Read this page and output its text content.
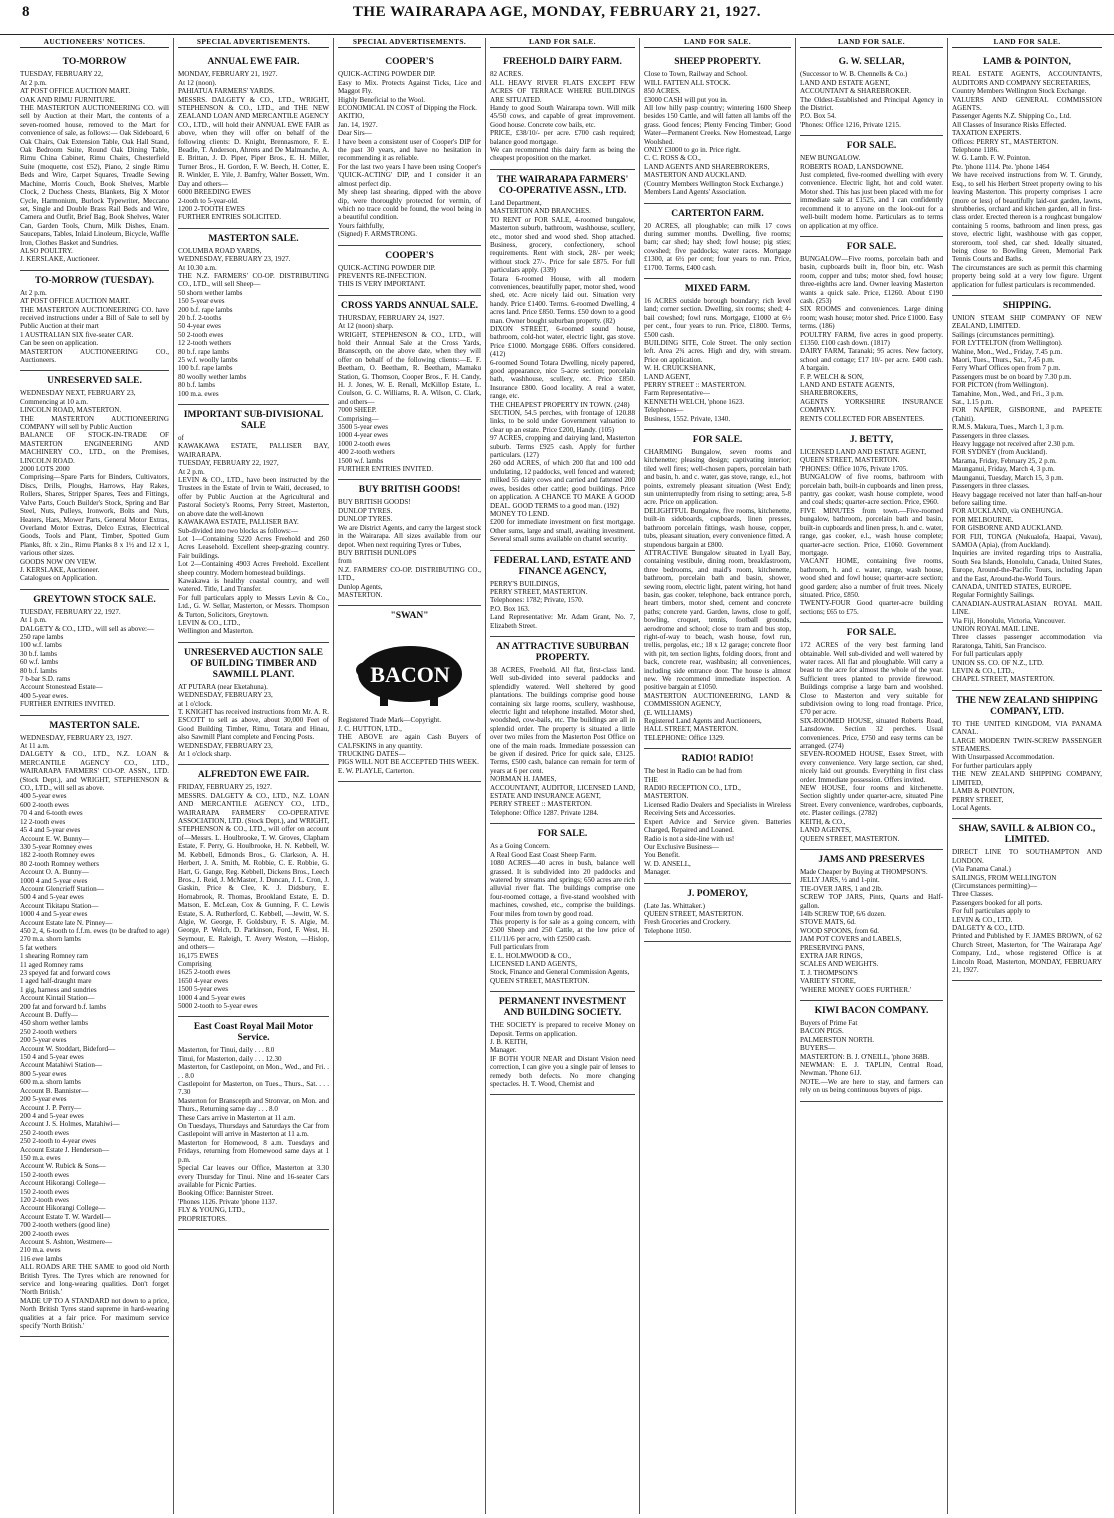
8	THE WAIRARAPA AGE, MONDAY, FEBRUARY 21, 1927.
AUCTIONEERS' NOTICES.
TO-MORROW

TUESDAY, FEBRUARY 22,
At 2 p.m.
AT POST OFFICE AUCTION MART.
OAK AND RIMU FURNITURE.
THE MASTERTON AUCTIONEERING CO. will sell by Auction at their Mart, the contents of a seven-roomed house, removed to the Mart for convenience of sale, as follows:— Oak Sideboard, 6 Oak Chairs, Oak Extension Table, Oak Hall Stand, Oak Bedroom Suite, Round Oak Dining Table, Rimu China Cabinet, Rimu Chairs, Chesterfield Suite (moquette, cost £52), Piano, 2 single Rimu Beds and Wire, Carpet Squares, Treadle Sewing Machine, Morris Couch, Book Shelves, Marble Clock, 2 Duchess Chests, Blankets, Big X Motor Cycle, Harmonium, Burlock Typewriter, Meccano set, Single and Double Brass Rail Beds and Wire, Camera and Outfit, Brief Bag, Book Shelves, Water Can, Garden Tools, Churn, Milk Dishes, Enam. Saucepans, Tables, Inlaid Linoleum, Bicycle, Waffle Iron, Clothes Basket and Sundries.
ALSO POULTRY.
J. KERSLAKE, Auctioneer.

TO-MORROW (TUESDAY).

At 2 p.m.
AT POST OFFICE AUCTION MART.
THE MASTERTON AUCTIONEERING CO. have received instructions under a Bill of Sale to sell by Public Auction at their mart
1 AUSTRALIAN SIX five-seater CAR.
Can be seen on application.
MASTERTON AUCTIONEERING CO., Auctioneers.

UNRESERVED SALE.

WEDNESDAY NEXT, FEBRUARY 23,
Commencing at 10 a.m.
LINCOLN ROAD, MASTERTON.
THE MASTERTON AUCTIONEERING COMPANY will sell by Public Auction
BALANCE OF STOCK-IN-TRADE OF MASTERTON ENGINEERING AND MACHINERY CO., LTD., on the Premises, LINCOLN ROAD.
2000 LOTS 2000
Comprising—Spare Parts for Binders, Cultivators, Discs, Drills, Ploughs, Harrows, Hay Rakes, Rollers, Shares, Stripper Spares, Tees and Fittings, Valve Parts, Couch Builder's Stock, Spring and Bar Steel, Nuts, Pulleys, Ironwork, Bolts and Nuts, Heaters, Hars, Mower Parts, General Motor Extras, Overland Motor Extras, Delco Extras, Electrical Goods, Tools and Plant, Timber, Spotted Gum Planks, 8ft. x 2in., Rimu Planks 8 x 1½ and 12 x 1, various other sizes.
GOODS NOW ON VIEW.
J. KERSLAKE, Auctioneer.
Catalogues on Application.

GREYTOWN STOCK SALE.

TUESDAY, FEBRUARY 22, 1927.
At 1 p.m.
DALGETY & CO., LTD., will sell as above:—
250 rape lambs
100 w.f. lambs
30 b.f. lambs
60 w.f. lambs
80 b.f. lambs
7 b-bar S.D. rams
Account Stonestead Estate—
400 5-year ewes.
FURTHER ENTRIES INVITED.

MASTERTON SALE.

WEDNESDAY, FEBRUARY 23, 1927.
At 11 a.m.
DALGETY & CO., LTD., N.Z. LOAN & MERCANTILE AGENCY CO., LTD., WAIRARAPA FARMERS' CO-OP. ASSN., LTD. (Stock Dept.), and WRIGHT, STEPHENSON & CO., LTD., will sell as above.
400 5-year ewes
600 2-tooth ewes
70 4 and 6-tooth ewes
12 2-tooth ewes
45 4 and 5-year ewes
Account E. W. Bunny—
330 5-year Romney ewes
182 2-tooth Romney ewes
80 2-tooth Romney wethers
Account O. A. Bunny—
1000 4 and 5-year ewes
Account Glencrieff Station—
500 4 and 5-year ewes
Account Tikitapu Station—
1000 4 and 5-year ewes
Account Estate late N. Pinney—
450 2, 4, 6-tooth to f.f.m. ewes (to be drafted to age)
270 m.a. shorn lambs
5 fat wethers
1 shearing Romney ram
11 aged Romney rams
23 speyed fat and forward cows
1 aged half-draught mare
1 gig, harness and sundries
Account Kintail Station—
200 fat and forward b.f. lambs
Account B. Duffy—
450 shorn wether lambs
250 2-tooth wethers
200 5-year ewes
Account W. Stoddart, Bideford—
150 4 and 5-year ewes
Account Matahiwi Station—
800 5-year ewes
600 m.a. shorn lambs
Account B. Bannister—
200 5-year ewes
Account J. P. Perry—
200 4 and 5-year ewes
Account J. S. Holmes, Matahiwi—
250 2-tooth ewes
250 2-tooth to 4-year ewes
Account Estate J. Henderson—
150 m.a. ewes
Account W. Rubick & Sons—
150 2-tooth ewes
Account Hikorangi College—
150 2-tooth ewes
120 2-tooth ewes
Account Hikorangi College—
Account Estate T. W. Wardell—
700 2-tooth wethers (good line)
200 2-tooth ewes
Account S. Ashton, Westmere—
210 m.a. ewes
116 ewe lambs
ALL ROADS ARE THE SAME to good old North British Tyres. The Tyres which are renowned for service and long-wearing qualities. Don't forget 'North British.'
MADE UP TO A STANDARD not down to a price, North British Tyres stand supreme in hard-wearing qualities at a fair price. For maximum service specify 'North British.'

SPECIAL ADVERTISEMENTS.
ANNUAL EWE FAIR.

MONDAY, FEBRUARY 21, 1927.
At 12 (noon).
PAHIATUA FARMERS' YARDS.
MESSRS. DALGETY & CO., LTD., WRIGHT, STEPHENSON & CO., LTD., and THE NEW ZEALAND LOAN AND MERCANTILE AGENCY CO., LTD., will hold their ANNUAL EWE FAIR as above, when they will offer on behalf of the following clients: D. Knight, Brennasmore, F. E. Beadle, T. Anderson, Ahrens and De Malmanche, A. E. Brittan, J. D. Piper, Piper Bros., E. H. Miller, Turner Bros., H. Gordon, F. W. Beech, H. Cotter, E. R. Winkler, E. Yile, J. Bamfry, Walter Bossett, Wm. Day and others—
6000 BREEDING EWES
2-tooth to 5-year-old.
1200 2-TOOTH EWES
FURTHER ENTRIES SOLICITED.

MASTERTON SALE.

COLUMBA ROAD YARDS,
WEDNESDAY, FEBRUARY 23, 1927.
At 10.30 a.m.
THE N.Z. FARMERS' CO-OP. DISTRIBUTING CO., LTD., will sell Sheep—
50 shorn wether lambs
150 5-year ewes
200 b.f. rape lambs
20 b.f. 2-tooths
50 4-year ewes
50 2-tooth ewes
12 2-tooth wethers
80 b.f. rape lambs
25 w.f. woolly lambs
100 b.f. rape lambs
80 woolly wether lambs
80 b.f. lambs
100 m.a. ewes

IMPORTANT SUB-DIVISIONAL SALE

of
KAWAKAWA ESTATE, PALLISER BAY, WAIRARAPA.
TUESDAY, FEBRUARY 22, 1927,
At 2 p.m.
LEVIN & CO., LTD., have been instructed by the Trustees in the Estate of Irvin te Waiti, deceased, to offer by Public Auction at the Agricultural and Pastoral Society's Rooms, Perry Street, Masterton, on above date the well-known
KAWAKAWA ESTATE, PALLISER BAY.
Sub-divided into two blocks as follows:—
Lot 1—Containing 5220 Acres Freehold and 260 Acres Leasehold. Excellent sheep-grazing country. Fair buildings.
Lot 2—Containing 4903 Acres Freehold. Excellent sheep country. Modern homestead buildings.
Kawakawa is healthy coastal country, and well watered. Title, Land Transfer.
For full particulars apply to Messrs Levin & Co., Ltd., G. W. Sellar, Masterton, or Messrs. Thompson & Turton, Solicitors, Greytown.
LEVIN & CO., LTD.,
Wellington and Masterton.

UNRESERVED AUCTION SALE OF BUILDING TIMBER AND SAWMILL PLANT.

AT PUTARA (near Eketahuna).
WEDNESDAY, FEBRUARY 23,
at 1 o'clock.
T. KNIGHT has received instructions from Mr. A. R. ESCOTT to sell as above, about 30,000 Feet of Good Building Timber, Rimu, Totara and Hinau, also Sawmill Plant complete and Fencing Posts.
WEDNESDAY, FEBRUARY 23,
At 1 o'clock sharp.

ALFREDTON EWE FAIR.

FRIDAY, FEBRUARY 25, 1927.
MESSRS. DALGETY & CO., LTD., N.Z. LOAN AND MERCANTILE AGENCY CO., LTD., WAIRARAPA FARMERS' CO-OPERATIVE ASSOCIATION, LTD. (Stock Dept.), and WRIGHT, STEPHENSON & CO., LTD., will offer on account of—Messrs. L. Houlbrooke, T. W. Groves, Clapham Estate, F. Perry, G. Houlbrooke, H. N. Kebbell, W. M. Kebbell, Edmonds Bros., G. Clarkson, A. H. Herbert, J. A. Smith, M. Robbie, C. E. Robbie, G. Hart, G. Gange, Reg. Kebbell, Dickens Bros., Leech Bros., J. Reid, J. McMaster, J. Duncan, J. L. Cron, J. Gaskin, Price & Clee, K. J. Didsbury, E. Hornabrook, R. Thomas, Brookland Estate, E. D. Matson, E. McLean, Cox & Gunning, F. C. Lewis Estate, S. A. Rutherford, C. Kebbell, —Jewitt, W. S. Algie, W. George, F. Goldsbury, F. S. Algie, M. George, P. Welch, D. Parkinson, Ford, F. West, H. Seymour, E. Raleigh, T. Avery Weston, —Hislop, and others—
16,175 EWES
Comprising
1625 2-tooth ewes
1650 4-year ewes
1500 5-year ewes
1000 4 and 5-year ewes
5000 2-tooth to 5-year ewes

East Coast Royal Mail Motor Service.

Masterton, for Tinui, daily . . . 8.0
Tinui, for Masterton, daily . . . 12.30
Masterton, for Castlepoint, on Mon., Wed., and Fri. . . . 8.0
Castlepoint for Masterton, on Tues., Thurs., Sat. . . . 7.30
Masterton for Branscepth and Stronvar, on Mon. and Thurs., Returning same day . . . 8.0
These Cars arrive in Masterton at 11 a.m.
On Tuesdays, Thursdays and Saturdays the Car from Castlepoint will arrive in Masterton at 11 a.m.
Masterton for Homewood, 8 a.m. Tuesdays and Fridays, returning from Homewood same days at 1 p.m.
Special Car leaves our Office, Masterton at 3.30 every Thursday for Tinui. Nine and 16-seater Cars available for Picnic Parties.
Booking Office: Bannister Street.
'Phones 1126. Private 'phone 1137.
FLY & YOUNG, LTD.,
PROPRIETORS.

SPECIAL ADVERTISEMENTS.
COOPER'S

QUICK-ACTING POWDER DIP.
Easy to Mix. Protects Against Ticks, Lice and Maggot Fly.
Highly Beneficial to the Wool.
ECONOMICAL IN COST of Dipping the Flock.
AKITIO,
Jan. 14, 1927.
Dear Sirs—
I have been a consistent user of Cooper's DIP for the past 30 years, and have no hesitation in recommending it as reliable.
For the last two years I have been using Cooper's 'QUICK-ACTING' DIP, and I consider it an almost perfect dip.
My sheep last shearing, dipped with the above dip, were thoroughly protected for vermin, of which no trace could be found, the wool being in a beautiful condition.
Yours faithfully,
(Signed) F. ARMSTRONG.

COOPER'S

QUICK-ACTING POWDER DIP.
PREVENTS RE-INFECTION.
THIS IS VERY IMPORTANT.

CROSS YARDS ANNUAL SALE.

THURSDAY, FEBRUARY 24, 1927.
At 12 (noon) sharp.
WRIGHT, STEPHENSON & CO., LTD., will hold their Annual Sale at the Cross Yards, Branscepth, on the above date, when they will offer on behalf of the following clients:—E. F. Beetham, O. Beetham, R. Beetham, Mamaku Station, G. Thomson, Cooper Bros., F. H. Candy, H. J. Jones, W. E. Renall, McKillop Estate, L. Coulson, G. C. Williams, R. A. Wilson, C. Clark, and others—
7000 SHEEP.
Comprising—
3500 5-year ewes
1000 4-year ewes
1000 2-tooth ewes
400 2-tooth wethers
1500 w.f. lambs
FURTHER ENTRIES INVITED.

BUY BRITISH GOODS!

BUY BRITISH GOODS!
DUNLOP TYRES.
DUNLOP TYRES.
We are District Agents, and carry the largest stock in the Wairarapa. All sizes available from our depot. When next requiring Tyres or Tubes,
BUY BRITISH DUNLOPS
from
N.Z. FARMERS' CO-OP. DISTRIBUTING CO., LTD.,
Dunlop Agents,
MASTERTON.

"SWAN"
BACON

Registered Trade Mark—Copyright.
J. C. HUTTON, LTD.,
THE ABOVE are again Cash Buyers of CALFSKINS in any quantity.
TRUCKING DATES—
PIGS WILL NOT BE ACCEPTED THIS WEEK.
E. W. PLAYLE, Carterton.

LAND FOR SALE.
FREEHOLD DAIRY FARM.

82 ACRES.
ALL HEAVY RIVER FLATS EXCEPT FEW ACRES OF TERRACE WHERE BUILDINGS ARE SITUATED.
Handy to good South Wairarapa town. Will milk 45/50 cows, and capable of great improvement. Good house. Concrete cow bails, etc.
PRICE, £38/10/- per acre. £700 cash required; balance good mortgage.
We can recommend this dairy farm as being the cheapest proposition on the market.

THE WAIRARAPA FARMERS' CO-OPERATIVE ASSN., LTD.

Land Department,
MASTERTON AND BRANCHES.
TO RENT or FOR SALE, 4-roomed bungalow, Masterton suburb, bathroom, washhouse, scullery, etc., motor shed and wood shed. Shop attached. Business, grocery, confectionery, school requirements. Rent with stock, 28/- per week; without stock 27/-. Price for sale £875. For full particulars apply. (339)
Totara 6-roomed House, with all modern conveniences, beautifully paper, motor shed, wood shed, etc. Acre nicely laid out. Situation very handy. Price £1400. Terms. 6-roomed Dwelling, 4 acres land. Price £850. Terms. £50 down to a good man. Owner bought suburban property. (82)
DIXON STREET, 6-roomed sound house, bathroom, cold-hot water, electric light, gas stove. Price £1000. Mortgage £686. Offers considered. (412)
6-roomed Sound Totara Dwelling, nicely papered, good appearance, nice 5-acre section; porcelain bath, washhouse, scullery, etc. Price £850. Insurance £800. Good locality. A real a water, range, etc.
THE CHEAPEST PROPERTY IN TOWN. (248)
SECTION, 54.5 perches, with frontage of 120.88 links, to be sold under Government valuation to clear up an estate. Price £200, Handy. (105)
97 ACRES, cropping and dairying land, Masterton suburb. Terms £925 cash. Apply for further particulars. (127)
260 odd ACRES, of which 200 flat and 100 odd undulating, 12 paddocks, well fenced and watered; milked 55 dairy cows and carried and fattened 200 ewes, besides other cattle; good buildings. Price on application. A CHANCE TO MAKE A GOOD DEAL. GOOD TERMS to a good man. (192)
MONEY TO LEND.
£200 for immediate investment on first mortgage. Other sums, large and small, awaiting investment. Several small sums available on chattel security.

FEDERAL LAND, ESTATE AND FINANCE AGENCY,

PERRY'S BUILDINGS,
PERRY STREET, MASTERTON.
Telephones: 1782; Private, 1570.
P.O. Box 163.
Land Representative: Mr. Adam Grant, No. 7, Elizabeth Street.

AN ATTRACTIVE SUBURBAN PROPERTY.

38 ACRES, Freehold. All flat, first-class land. Well sub-divided into several paddocks and splendidly watered. Well sheltered by good plantations. The buildings comprise good house containing six large rooms, scullery, washhouse, electric light and telephone installed. Motor shed, woodshed, cow-bails, etc. The buildings are all in splendid order. The property is situated a little over two miles from the Masterton Post Office on one of the main roads. Immediate possession can be given if desired. Price for quick sale, £3125. Terms, £500 cash, balance can remain for term of years at 6 per cent.
NORMAN H. JAMES,
ACCOUNTANT, AUDITOR, LICENSED LAND, ESTATE AND INSURANCE AGENT,
PERRY STREET :: MASTERTON.
Telephone: Office 1287. Private 1284.

FOR SALE.

As a Going Concern.
A Real Good East Coast Sheep Farm.
1080 ACRES—40 acres in bush, balance well grassed. It is subdivided into 20 paddocks and watered by streams and springs; 650 acres are rich alluvial river flat. The buildings comprise one four-roomed cottage, a five-stand woolshed with machines, cowshed, etc., comprise the buildings. Four miles from town by good road.
This property is for sale as a going concern, with 2500 Sheep and 250 Cattle, at the low price of £11/11/6 per acre, with £2500 cash.
Full particulars from
E. L. HOLMWOOD & CO.,
LICENSED LAND AGENTS,
Stock, Finance and General Commission Agents,
QUEEN STREET, MASTERTON.

PERMANENT INVESTMENT AND BUILDING SOCIETY.

THE SOCIETY is prepared to receive Money on Deposit. Terms on application.
J. B. KEITH,
Manager.
IF BOTH YOUR NEAR and Distant Vision need correction, I can give you a single pair of lenses to remedy both defects. No more changing spectacles. H. T. Wood, Chemist and

LAND FOR SALE.
SHEEP PROPERTY.

Close to Town, Railway and School.
WILL FATTEN ALL STOCK.
850 ACRES.
£3000 CASH will put you in.
All low hilly pasp country; wintering 1600 Sheep besides 150 Cattle, and will fatten all lambs off the grass. Good fences; Plenty Fencing Timber; Good Water—Permanent Creeks. New Homestead, Large Woolshed.
ONLY £3000 to go in. Price right.
C. C. ROSS & CO.,
LAND AGENTS AND SHAREBROKERS,
MASTERTON AND AUCKLAND.
(Country Members Wellington Stock Exchange.)
Members Land Agents' Association.

CARTERTON FARM.

20 ACRES, all ploughable; can milk 17 cows during summer months. Dwelling, five rooms; barn; car shed; hay shed; fowl house; pig sties; cowshed; five paddocks; water races. Mortgage £1300, at 6½ per cent; four years to run. Price, £1700. Terms, £400 cash.

MIXED FARM.

16 ACRES outside borough boundary; rich level land; corner section. Dwelling, six rooms; shed; 4-bail cowshed; fowl runs. Mortgage, £1000 at 6½ per cent., four years to run. Price, £1800. Terms, £500 cash.
BUILDING SITE, Cole Street. The only section left. Area 2¾ acres. High and dry, with stream. Price on application.
W. H. CRUICKSHANK,
LAND AGENT,
PERRY STREET :: MASTERTON.
Farm Representative—
KENNETH WELCH, 'phone 1623.
Telephones—
Business, 1552. Private, 1340.

FOR SALE.

CHARMING Bungalow, seven rooms and kitchenette; pleasing design; captivating interior; tiled well fires; well-chosen papers, porcelain bath and basin, h. and c. water, gas stove, range, e.l., hot points, extremely pleasant situation (West End); sun uninterruptedly from rising to setting; area, 5-8 acre. Price on application.
DELIGHTFUL Bungalow, five rooms, kitchenette, built-in sideboards, cupboards, linen presses, bathroom porcelain fittings, wash house, copper, tubs, pleasant situation, every convenience fitted. A stupendous bargain at £800.
ATTRACTIVE Bungalow situated in Lyall Bay, containing vestibule, dining room, breakfastroom, three bedrooms, and maid's room, kitchenette, bathroom, porcelain bath and basin, shower, sewing room, electric light, patent wiring, hot hand basin, gas cooker, telephone, back entrance porch, heart timbers, motor shed, cement and concrete paths; concrete yard. Garden, lawns, close to golf, bowling, croquet, tennis, football grounds, aerodrome and school; close to tram and bus stop, right-of-way to beach, wash house, fowl run, trellis, pergolas, etc.; 18 x 12 garage; concrete floor with pit, ten section lights, folding doors, front and back, concrete rear, washbasin; all conveniences, including side entrance door. The house is almost new. We recommend immediate inspection. A positive bargain at £1050.
MASTERTON AUCTIONEERING, LAND & COMMISSION AGENCY,
(E. WILLIAMS)
Registered Land Agents and Auctioneers,
HALL STREET, MASTERTON.
TELEPHONE: Office 1329.

RADIO! RADIO!

The best in Radio can be had from
THE
RADIO RECEPTION CO., LTD.,
MASTERTON.
Licensed Radio Dealers and Specialists in Wireless Receiving Sets and Accessories.
Expert Advice and Service given. Batteries Charged, Repaired and Loaned.
Radio is not a side-line with us!
Our Exclusive Business—
You Benefit.
W. D. ANSELL,
Manager.

J. POMEROY,

(Late Jas. Whittaker.)
QUEEN STREET, MASTERTON.
Fresh Groceries and Crockery.
Telephone 1050.

LAND FOR SALE.
G. W. SELLAR,

(Successor to W. B. Chennells & Co.)
LAND AND ESTATE AGENT,
ACCOUNTANT & SHAREBROKER.
The Oldest-Established and Principal Agency in the District.
P.O. Box 54.
'Phones: Office 1216, Private 1215.

FOR SALE.

NEW BUNGALOW.
ROBERTS ROAD, LANSDOWNE.
Just completed, five-roomed dwelling with every convenience. Electric light, hot and cold water. Motor shed. This has just been placed with me for immediate sale at £1525, and I can confidently recommend it to anyone on the look-out for a well-built modern home. Particulars as to terms on application at my office.

FOR SALE.

BUNGALOW—Five rooms, porcelain bath and basin, cupboards built in, floor bin, etc. Wash room, copper and tubs; motor shed, fowl house; three-eighths acre land. Owner leaving Masterton wants a quick sale. Price, £1260. About £190 cash. (253)
SIX ROOMS and conveniences. Large dining room; wash house; motor shed. Price £1000. Easy terms. (186)
POULTRY FARM, five acres in good property. £1350. £100 cash down. (1817)
DAIRY FARM, Taranaki; 95 acres. New factory, school and cottage; £17 10/- per acre. £400 cash. A bargain.
F. P. WELCH & SON,
LAND AND ESTATE AGENTS,
SHAREBROKERS,
AGENTS YORKSHIRE INSURANCE COMPANY.
RENTS COLLECTED FOR ABSENTEES.

J. BETTY,

LICENSED LAND AND ESTATE AGENT,
QUEEN STREET, MASTERTON.
'PHONES: Office 1076, Private 1705.
BUNGALOW of five rooms, bathroom with porcelain bath, built-in cupboards and linen press, pantry, gas cooker, wash house complete, wood and coal sheds; quarter-acre section. Price, £960.
FIVE MINUTES from town.—Five-roomed bungalow, bathroom, porcelain bath and basin, built-in cupboards and linen press, h. and c. water, range, gas cooker, e.l., wash house complete; quarter-acre section. Price, £1060. Government mortgage.
VACANT HOME, containing five rooms, bathroom, h. and c. water, range, wash house, wood shed and fowl house; quarter-acre section; good garden; also a number of fruit trees. Nicely situated. Price, £850.
TWENTY-FOUR Good quarter-acre building sections; £65 to £75.

FOR SALE.

172 ACRES of the very best farming land obtainable. Well sub-divided and well watered by water races. All flat and ploughable. Will carry a beast to the acre for almost the whole of the year. Sufficient trees planted to provide firewood. Buildings comprise a large barn and woolshed. Close to Masterton and very suitable for subdivision owing to long road frontage. Price, £70 per acre.
SIX-ROOMED HOUSE, situated Roberts Road, Lansdowne. Section 32 perches. Usual conveniences. Price, £750 and easy terms can be arranged. (274)
SEVEN-ROOMED HOUSE, Essex Street, with every convenience. Very large section, car shed, nicely laid out grounds. Everything in first class order. Immediate possession. Offers invited.
NEW HOUSE, four rooms and kitchenette. Section slightly under quarter-acre, situated Pine Street. Every convenience, wardrobes, cupboards, etc. Plaster ceilings. (2782)
KEITH, & CO.,
LAND AGENTS,
QUEEN STREET, MASTERTON.

JAMS AND PRESERVES

Made Cheaper by Buying at THOMPSON'S.
JELLY JARS, ½ and 1-pint.
TIE-OVER JARS, 1 and 2lb.
SCREW TOP JARS, Pints, Quarts and Half-gallon.
14lb SCREW TOP, 6/6 dozen.
STOVE MATS, 6d.
WOOD SPOONS, from 6d.
JAM POT COVERS and LABELS,
PRESERVING PANS,
EXTRA JAR RINGS,
SCALES AND WEIGHTS.
T. J. THOMPSON'S
VARIETY STORE,
'WHERE MONEY GOES FURTHER.'

KIWI BACON COMPANY.

Buyers of Prime Fat
BACON PIGS.
PALMERSTON NORTH.
BUYERS—
MASTERTON: B. J. O'NEILL, 'phone 368B.
NEWMAN: E. J. TAPLIN, Central Road, Newman. 'Phone 61J.
NOTE.—We are here to stay, and farmers can rely on us being continuous buyers of pigs.

LAND FOR SALE.
LAMB & POINTON,

REAL ESTATE AGENTS, ACCOUNTANTS, AUDITORS AND COMPANY SECRETARIES,
Country Members Wellington Stock Exchange.
VALUERS AND GENERAL COMMISSION AGENTS.
Passenger Agents N.Z. Shipping Co., Ltd.
All Classes of Insurance Risks Effected.
TAXATION EXPERTS.
Offices: PERRY ST., MASTERTON.
Telephone 1186.
W. G. Lamb. F. W. Pointon.
Pte. 'phone 1114. Pte. 'phone 1464
We have received instructions from W. T. Grundy, Esq., to sell his Herbert Street property owing to his leaving Masterton. This property comprises 1 acre (more or less) of beautifully laid-out garden, lawns, shrubberies, orchard and kitchen garden, all in first-class order. Erected thereon is a roughcast bungalow containing 5 rooms, bathroom and linen press, gas stove, electric light, washhouse with gas copper, storeroom, tool shed, car shed. Ideally situated, being close to Bowling Green, Memorial Park Tennis Courts and Baths.
The circumstances are such as permit this charming property being sold at a very low figure. Urgent application for fullest particulars is recommended.

SHIPPING.

UNION STEAM SHIP COMPANY OF NEW ZEALAND, LIMITED.
Sailings (circumstances permitting).
FOR LYTTELTON (from Wellington).
Wahine, Mon., Wed., Friday, 7.45 p.m.
Maori, Tues., Thurs., Sat., 7.45 p.m.
Ferry Wharf Offices open from 7 p.m.
Passengers must be on board by 7.30 p.m.
FOR PICTON (from Wellington).
Tamahine, Mon., Wed., and Fri., 3 p.m.
Sat., 1.15 p.m.
FOR NAPIER, GISBORNE, and PAPEETE (Tahiti).
R.M.S. Makura, Tues., March 1, 3 p.m.
Passengers in three classes.
Heavy luggage not received after 2.30 p.m.
FOR SYDNEY (from Auckland).
Marama, Friday, February 25, 2 p.m.
Maunganui, Friday, March 4, 3 p.m.
Maunganui, Tuesday, March 15, 3 p.m.
Passengers in three classes.
Heavy baggage received not later than half-an-hour before sailing time.
FOR AUCKLAND, via ONEHUNGA.
FOR MELBOURNE.
FOR GISBORNE AND AUCKLAND.
FOR FIJI, TONGA (Nukualofa, Haapai, Vavau), SAMOA (Apia), (from Auckland).
Inquiries are invited regarding trips to Australia, South Sea Islands, Honolulu, Canada, United States, Europe, Around-the-Pacific Tours, including Japan and the East, Around-the-World Tours.
CANADA, UNITED STATES, EUROPE.
Regular Fortnightly Sailings.
CANADIAN-AUSTRALASIAN ROYAL MAIL LINE.
Via Fiji, Honolulu, Victoria, Vancouver.
UNION ROYAL MAIL LINE.
Three classes passenger accommodation via Raratonga, Tahiti, San Francisco.
For full particulars apply
UNION SS. CO. OF N.Z., LTD.
LEVIN & CO., LTD.,
CHAPEL STREET, MASTERTON.

THE NEW ZEALAND SHIPPING COMPANY, LTD.

TO THE UNITED KINGDOM, VIA PANAMA CANAL.
LARGE MODERN TWIN-SCREW PASSENGER STEAMERS.
With Unsurpassed Accommodation.
For further particulars apply
THE NEW ZEALAND SHIPPING COMPANY, LIMITED,
LAMB & POINTON,
PERRY STREET,
Local Agents.

SHAW, SAVILL & ALBION CO., LIMITED.

DIRECT LINE TO SOUTHAMPTON AND LONDON.
(Via Panama Canal.)
SAILINGS, FROM WELLINGTON
(Circumstances permitting)—
Three Classes.
Passengers booked for all ports.
For full particulars apply to
LEVIN & CO., LTD.
DALGETY & CO., LTD.
Printed and Published by F. JAMES BROWN, of 62 Church Street, Masterton, for 'The Wairarapa Age' Company, Ltd., whose registered Office is at Lincoln Road, Masterton, MONDAY, FEBRUARY 21, 1927.
